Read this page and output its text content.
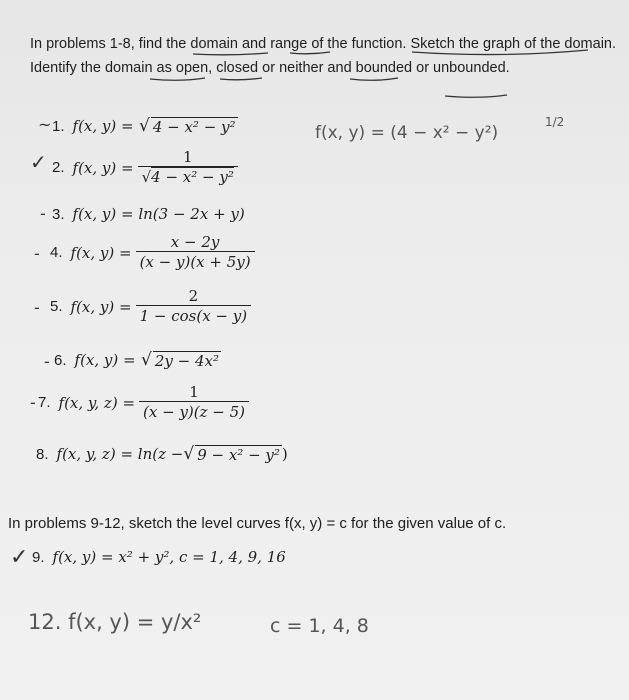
In problems 1-8, find the domain and range of the function. Sketch the graph of the domain.
Identify the domain as open, closed or neither and bounded or unbounded.
~ 1. f(x, y) = √ 4 − x² − y²	f(x, y) = (4 − x² − y²)
1/2
✓ 2. f(x, $y) = \frac{1}{\text{√4 − x² − y²}}$
- 3. f(x, y) = ln(3 − 2x + y)
- 4. f(x, $y) = \frac{x - 2y}{(x - y)(x + 5y)}$
- 5. f(x, $y) = \frac{2}{1 - \cos(x - y)}$
- 6. f(x, y) = √ 2y − 4x²
- 7. f(x, y, $z) = \frac{1}{(x - y)(z - 5)}$
8. f(x, y, z) = ln(z − √ 9 − x² − y² )
In problems 9-12, sketch the level curves f(x, y) = c for the given value of c.
✓ 9. f(x, y) = x² + y², c = 1, 4, 9, 16
12. f(x, y) = y/x²	c = 1, 4, 8
